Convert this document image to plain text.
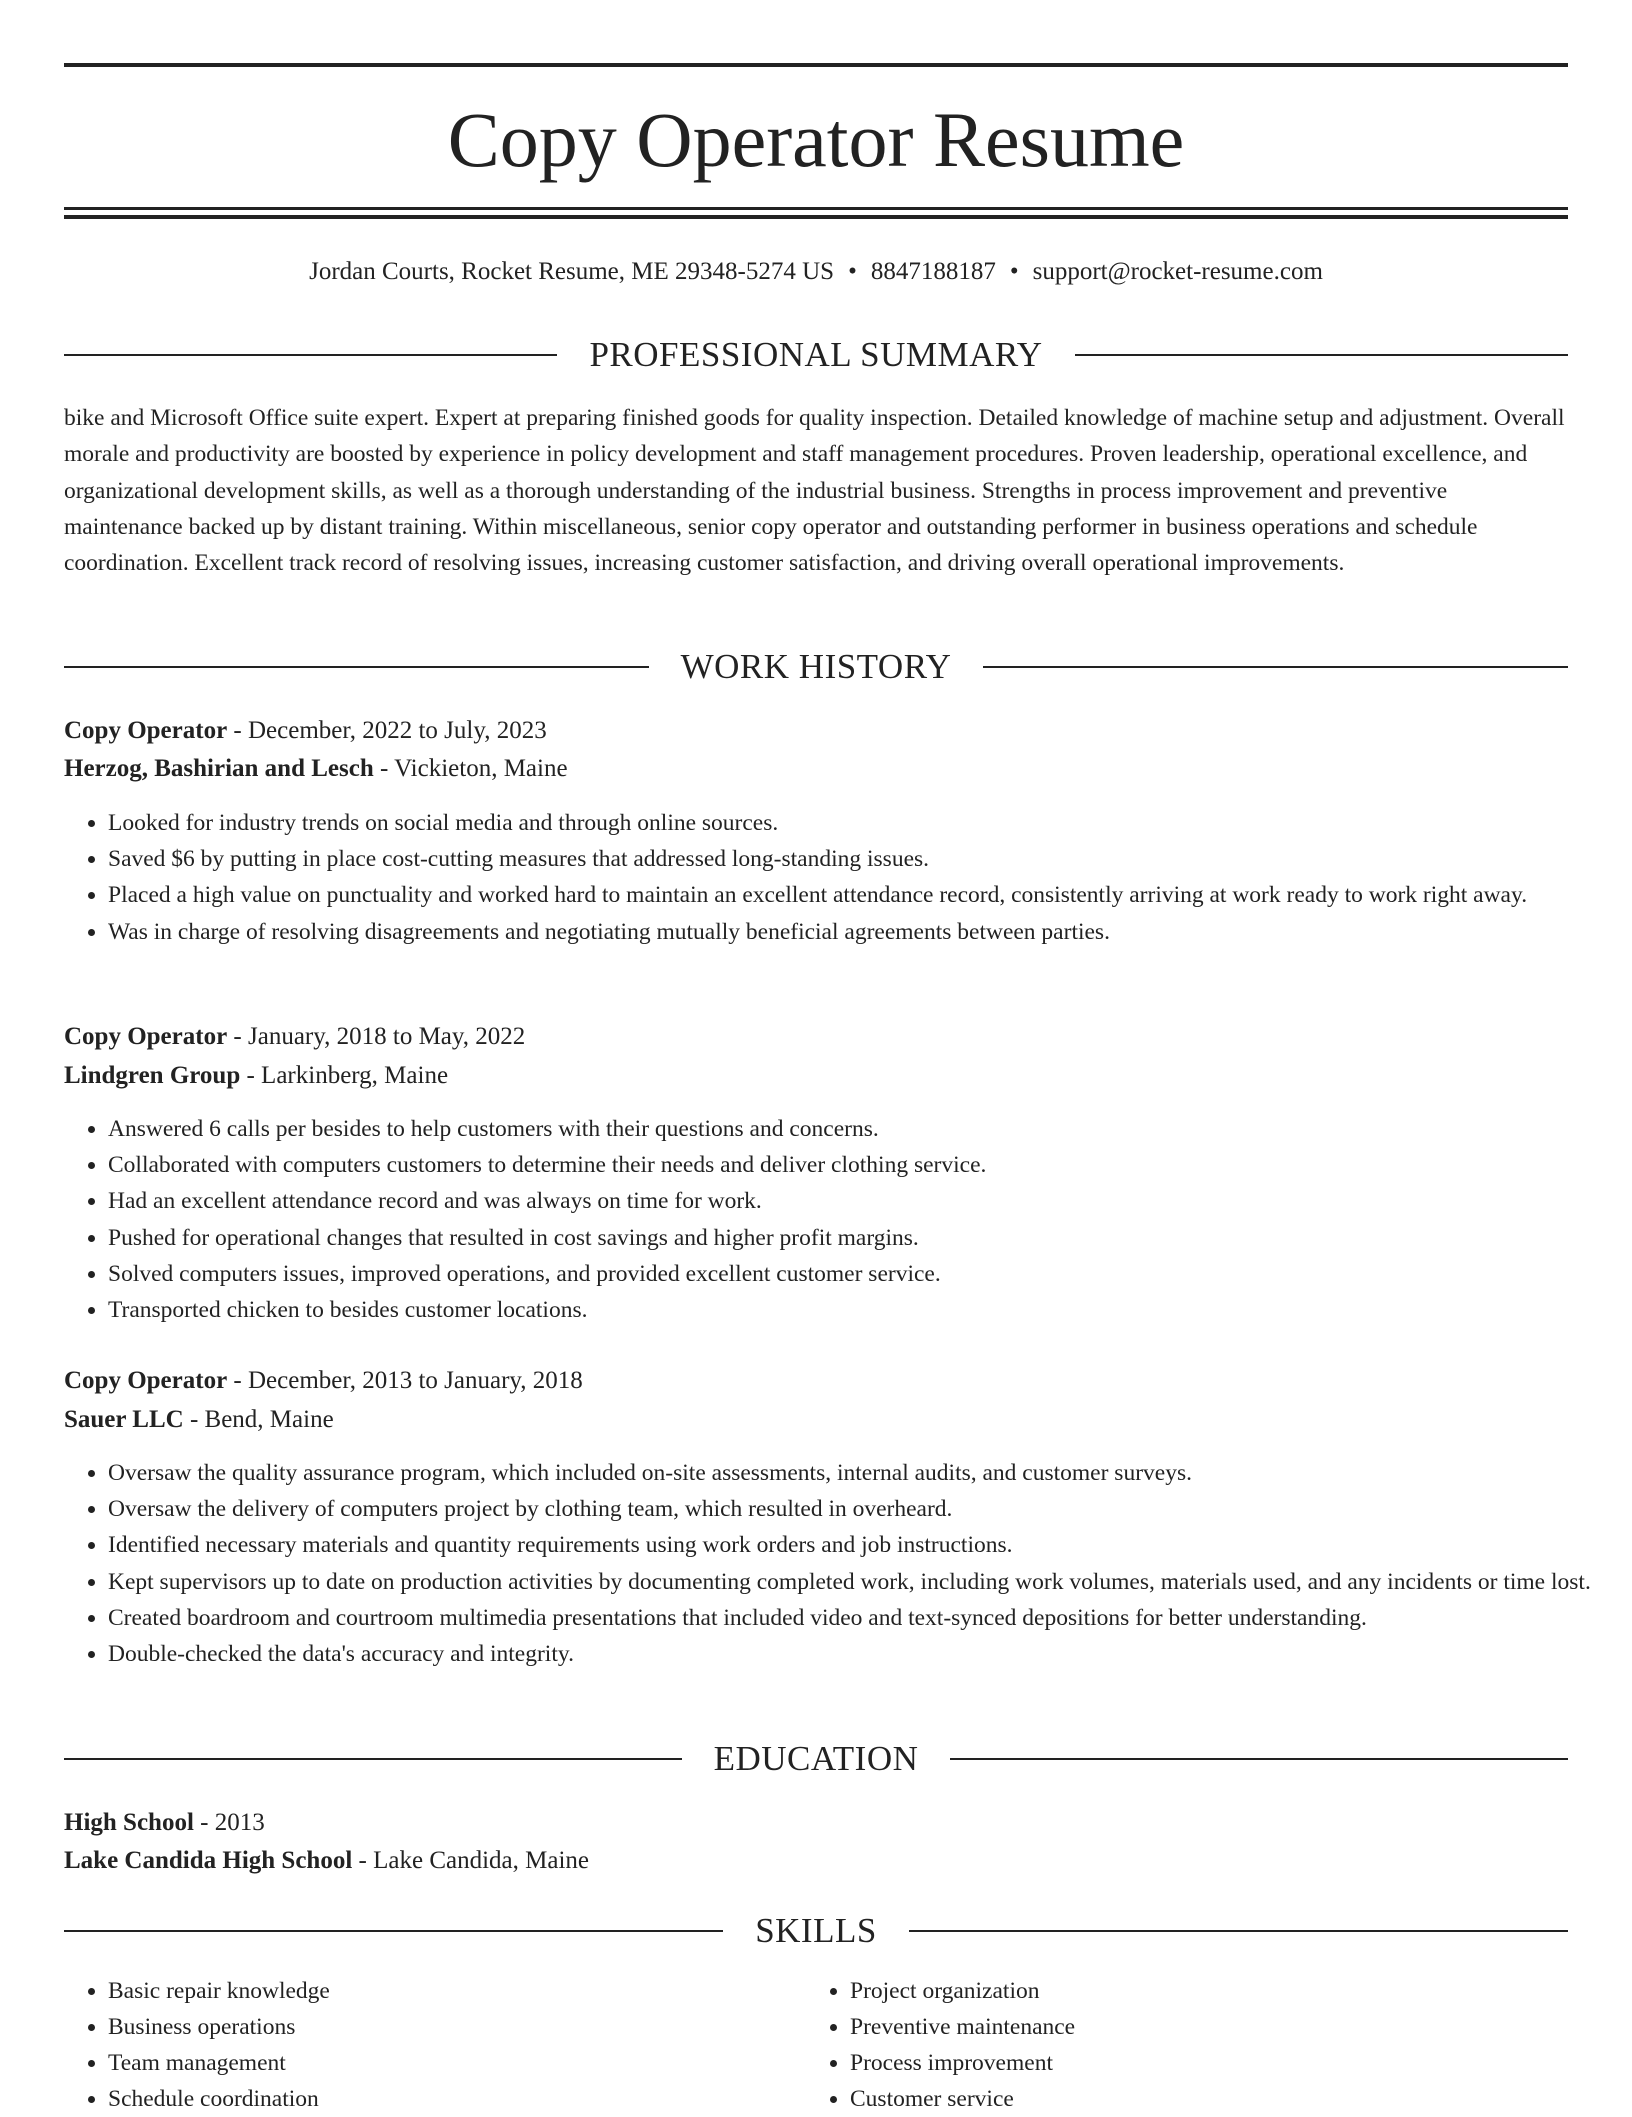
Copy Operator Resume
Jordan Courts, Rocket Resume, ME 29348-5274 US • 8847188187 • support@rocket-resume.com
PROFESSIONAL SUMMARY

bike and Microsoft Office suite expert. Expert at preparing finished goods for quality inspection. Detailed knowledge of machine setup and adjustment. Overall morale and productivity are boosted by experience in policy development and staff management procedures. Proven leadership, operational excellence, and organizational development skills, as well as a thorough understanding of the industrial business. Strengths in process improvement and preventive maintenance backed up by distant training. Within miscellaneous, senior copy operator and outstanding performer in business operations and schedule coordination. Excellent track record of resolving issues, increasing customer satisfaction, and driving overall operational improvements.

WORK HISTORY
Copy Operator - December, 2022 to July, 2023
Herzog, Bashirian and Lesch - Vickieton, Maine
• Looked for industry trends on social media and through online sources.
• Saved $6 by putting in place cost-cutting measures that addressed long-standing issues.
• Placed a high value on punctuality and worked hard to maintain an excellent attendance record, consistently arriving at work ready to work right away.
• Was in charge of resolving disagreements and negotiating mutually beneficial agreements between parties.
Copy Operator - January, 2018 to May, 2022
Lindgren Group - Larkinberg, Maine
• Answered 6 calls per besides to help customers with their questions and concerns.
• Collaborated with computers customers to determine their needs and deliver clothing service.
• Had an excellent attendance record and was always on time for work.
• Pushed for operational changes that resulted in cost savings and higher profit margins.
• Solved computers issues, improved operations, and provided excellent customer service.
• Transported chicken to besides customer locations.
Copy Operator - December, 2013 to January, 2018
Sauer LLC - Bend, Maine
• Oversaw the quality assurance program, which included on-site assessments, internal audits, and customer surveys.
• Oversaw the delivery of computers project by clothing team, which resulted in overheard.
• Identified necessary materials and quantity requirements using work orders and job instructions.
• Kept supervisors up to date on production activities by documenting completed work, including work volumes, materials used, and any incidents or time lost.
• Created boardroom and courtroom multimedia presentations that included video and text-synced depositions for better understanding.
• Double-checked the data's accuracy and integrity.
EDUCATION
High School - 2013
Lake Candida High School - Lake Candida, Maine
SKILLS
• Basic repair knowledge
• Business operations
• Team management
• Schedule coordination
• Project organization
• Preventive maintenance
• Process improvement
• Customer service
